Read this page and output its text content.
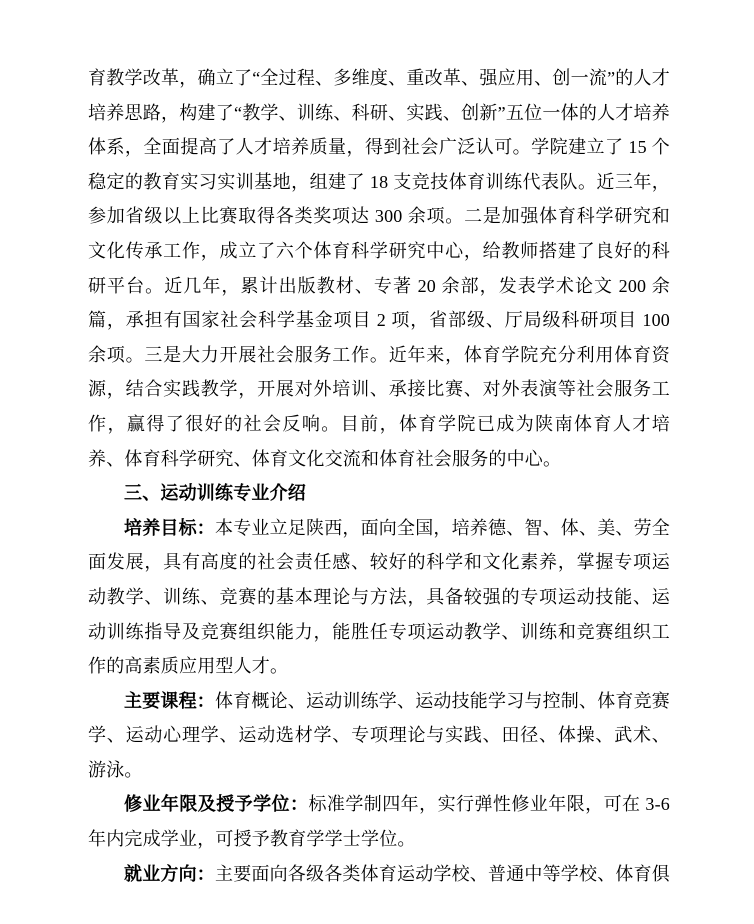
育教学改革，确立了“全过程、多维度、重改革、强应用、创一流”的人才培养思路，构建了“教学、训练、科研、实践、创新”五位一体的人才培养体系，全面提高了人才培养质量，得到社会广泛认可。学院建立了 15 个稳定的教育实习实训基地，组建了 18 支竞技体育训练代表队。近三年，参加省级以上比赛取得各类奖项达 300 余项。二是加强体育科学研究和文化传承工作，成立了六个体育科学研究中心，给教师搭建了良好的科研平台。近几年，累计出版教材、专著 20 余部，发表学术论文 200 余篇，承担有国家社会科学基金项目 2 项，省部级、厅局级科研项目 100 余项。三是大力开展社会服务工作。近年来，体育学院充分利用体育资源，结合实践教学，开展对外培训、承接比赛、对外表演等社会服务工作，赢得了很好的社会反响。目前，体育学院已成为陕南体育人才培养、体育科学研究、体育文化交流和体育社会服务的中心。

三、运动训练专业介绍

培养目标：本专业立足陕西，面向全国，培养德、智、体、美、劳全面发展，具有高度的社会责任感、较好的科学和文化素养，掌握专项运动教学、训练、竞赛的基本理论与方法，具备较强的专项运动技能、运动训练指导及竞赛组织能力，能胜任专项运动教学、训练和竞赛组织工作的高素质应用型人才。

主要课程：体育概论、运动训练学、运动技能学习与控制、体育竞赛学、运动心理学、运动选材学、专项理论与实践、田径、体操、武术、游泳。

修业年限及授予学位：标准学制四年，实行弹性修业年限，可在 3-6 年内完成学业，可授予教育学学士学位。

就业方向：主要面向各级各类体育运动学校、普通中等学校、体育俱
